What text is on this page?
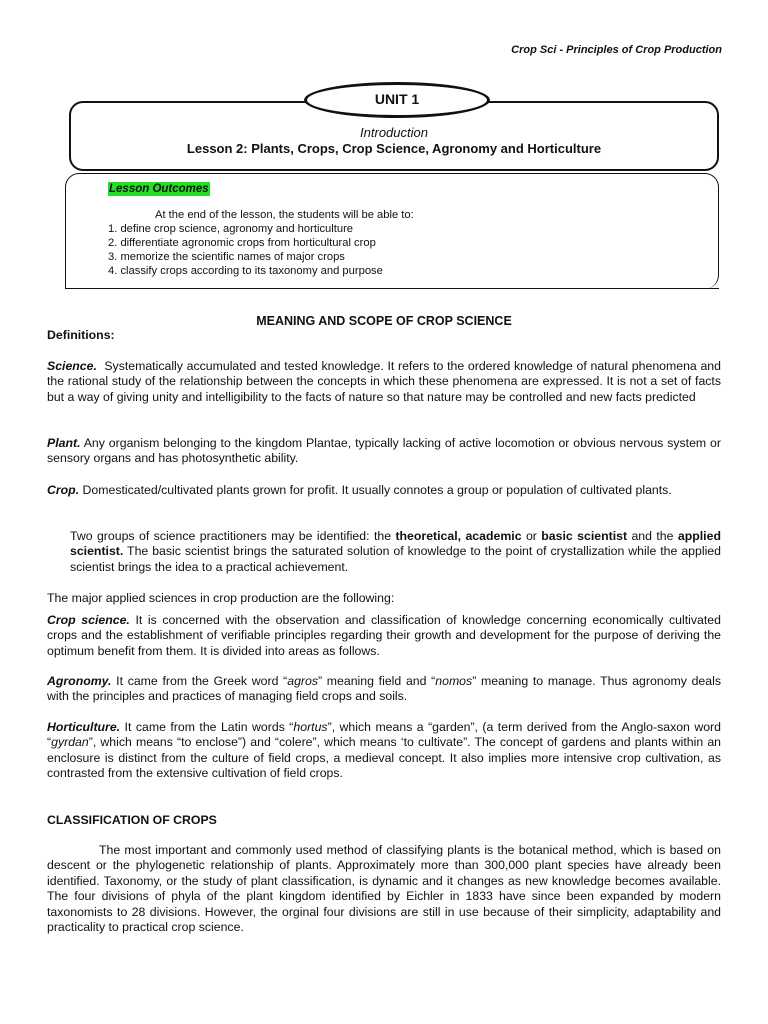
Crop Sci - Principles of Crop Production
UNIT 1
Introduction
Lesson 2: Plants, Crops, Crop Science, Agronomy and Horticulture
Lesson Outcomes
At the end of the lesson, the students will be able to:
1. define crop science, agronomy and horticulture
2. differentiate agronomic crops from horticultural crop
3. memorize the scientific names of major crops
4. classify crops according to its taxonomy and purpose
MEANING AND SCOPE OF CROP SCIENCE
Definitions:
Science. Systematically accumulated and tested knowledge. It refers to the ordered knowledge of natural phenomena and the rational study of the relationship between the concepts in which these phenomena are expressed. It is not a set of facts but a way of giving unity and intelligibility to the facts of nature so that nature may be controlled and new facts predicted
Plant. Any organism belonging to the kingdom Plantae, typically lacking of active locomotion or obvious nervous system or sensory organs and has photosynthetic ability.
Crop. Domesticated/cultivated plants grown for profit. It usually connotes a group or population of cultivated plants.
Two groups of science practitioners may be identified: the theoretical, academic or basic scientist and the applied scientist. The basic scientist brings the saturated solution of knowledge to the point of crystallization while the applied scientist brings the idea to a practical achievement.
The major applied sciences in crop production are the following:
Crop science. It is concerned with the observation and classification of knowledge concerning economically cultivated crops and the establishment of verifiable principles regarding their growth and development for the purpose of deriving the optimum benefit from them. It is divided into areas as follows.
Agronomy. It came from the Greek word “agros” meaning field and “nomos” meaning to manage. Thus agronomy deals with the principles and practices of managing field crops and soils.
Horticulture. It came from the Latin words “hortus”, which means a “garden”, (a term derived from the Anglo-saxon word “gyrdan”, which means “to enclose”) and “colere”, which means ‘to cultivate”. The concept of gardens and plants within an enclosure is distinct from the culture of field crops, a medieval concept. It also implies more intensive crop cultivation, as contrasted from the extensive cultivation of field crops.
CLASSIFICATION OF CROPS
The most important and commonly used method of classifying plants is the botanical method, which is based on descent or the phylogenetic relationship of plants. Approximately more than 300,000 plant species have already been identified. Taxonomy, or the study of plant classification, is dynamic and it changes as new knowledge becomes available. The four divisions of phyla of the plant kingdom identified by Eichler in 1833 have since been expanded by modern taxonomists to 28 divisions. However, the orginal four divisions are still in use because of their simplicity, adaptability and practicality to practical crop science.
